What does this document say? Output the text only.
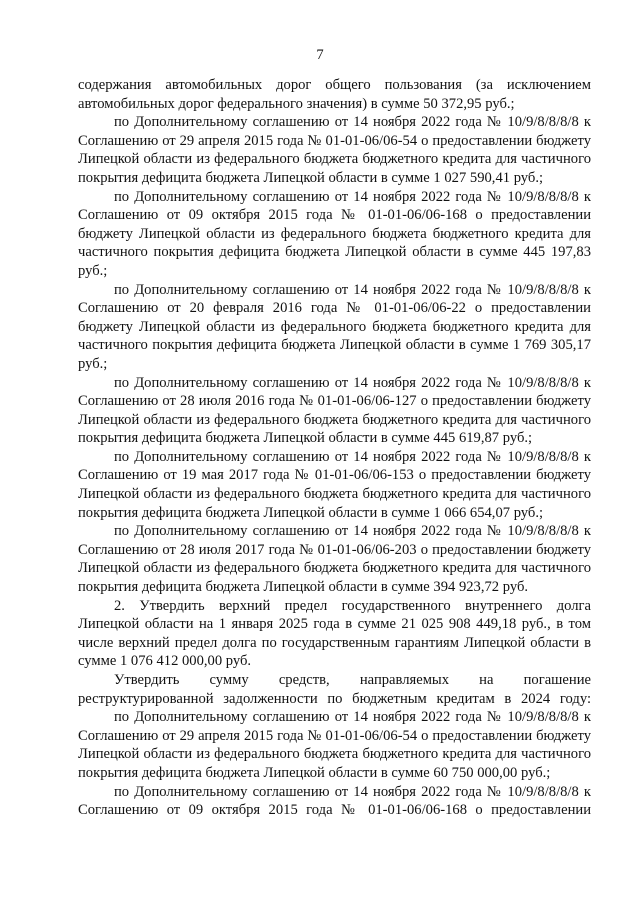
7

содержания автомобильных дорог общего пользования (за исключением автомобильных дорог федерального значения) в сумме 50 372,95 руб.;

по Дополнительному соглашению от 14 ноября 2022 года № 10/9/8/8/8/8 к Соглашению от 29 апреля 2015 года № 01-01-06/06-54 о предоставлении бюджету Липецкой области из федерального бюджета бюджетного кредита для частичного покрытия дефицита бюджета Липецкой области в сумме 1 027 590,41 руб.;

по Дополнительному соглашению от 14 ноября 2022 года № 10/9/8/8/8/8 к Соглашению от 09 октября 2015 года № 01-01-06/06-168 о предоставлении бюджету Липецкой области из федерального бюджета бюджетного кредита для частичного покрытия дефицита бюджета Липецкой области в сумме 445 197,83 руб.;

по Дополнительному соглашению от 14 ноября 2022 года № 10/9/8/8/8/8 к Соглашению от 20 февраля 2016 года № 01-01-06/06-22 о предоставлении бюджету Липецкой области из федерального бюджета бюджетного кредита для частичного покрытия дефицита бюджета Липецкой области в сумме 1 769 305,17 руб.;

по Дополнительному соглашению от 14 ноября 2022 года № 10/9/8/8/8/8 к Соглашению от 28 июля 2016 года № 01-01-06/06-127 о предоставлении бюджету Липецкой области из федерального бюджета бюджетного кредита для частичного покрытия дефицита бюджета Липецкой области в сумме 445 619,87 руб.;

по Дополнительному соглашению от 14 ноября 2022 года № 10/9/8/8/8/8 к Соглашению от 19 мая 2017 года № 01-01-06/06-153 о предоставлении бюджету Липецкой области из федерального бюджета бюджетного кредита для частичного покрытия дефицита бюджета Липецкой области в сумме 1 066 654,07 руб.;

по Дополнительному соглашению от 14 ноября 2022 года № 10/9/8/8/8/8 к Соглашению от 28 июля 2017 года № 01-01-06/06-203 о предоставлении бюджету Липецкой области из федерального бюджета бюджетного кредита для частичного покрытия дефицита бюджета Липецкой области в сумме 394 923,72 руб.

2. Утвердить верхний предел государственного внутреннего долга Липецкой области на 1 января 2025 года в сумме 21 025 908 449,18 руб., в том числе верхний предел долга по государственным гарантиям Липецкой области в сумме 1 076 412 000,00 руб.

Утвердить сумму средств, направляемых на погашение реструктурированной задолженности по бюджетным кредитам в 2024 году:

по Дополнительному соглашению от 14 ноября 2022 года № 10/9/8/8/8/8 к Соглашению от 29 апреля 2015 года № 01-01-06/06-54 о предоставлении бюджету Липецкой области из федерального бюджета бюджетного кредита для частичного покрытия дефицита бюджета Липецкой области в сумме 60 750 000,00 руб.;

по Дополнительному соглашению от 14 ноября 2022 года № 10/9/8/8/8/8 к Соглашению от 09 октября 2015 года № 01-01-06/06-168 о предоставлении
